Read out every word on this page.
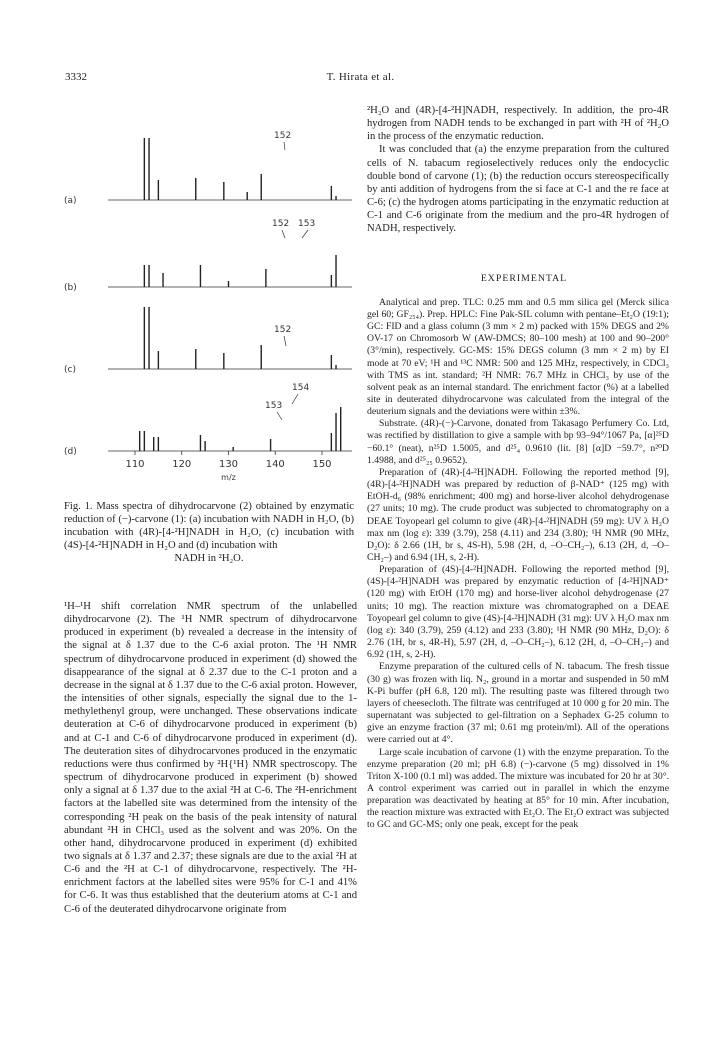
3332	T. Hirata et al.
(a)
(b)
(c)
(d)
152
152 153
152
154
153
110	120	130	140	150
m/z
Fig. 1. Mass spectra of dihydrocarvone (2) obtained by enzymatic reduction of (−)-carvone (1): (a) incubation with NADH in H₂O, (b) incubation with (4R)-[4-²H]NADH in H₂O, (c) incubation with (4S)-[4-²H]NADH in H₂O and (d) incubation with
NADH in ²H₂O.

¹H–¹H shift correlation NMR spectrum of the unlabelled dihydrocarvone (2). The ¹H NMR spectrum of dihydrocarvone produced in experiment (b) revealed a decrease in the intensity of the signal at δ 1.37 due to the C-6 axial proton. The ¹H NMR spectrum of dihydrocarvone produced in experiment (d) showed the disappearance of the signal at δ 2.37 due to the C-1 proton and a decrease in the signal at δ 1.37 due to the C-6 axial proton. However, the intensities of other signals, especially the signal due to the 1-methylethenyl group, were unchanged. These observations indicate deuteration at C-6 of dihydrocarvone produced in experiment (b) and at C-1 and C-6 of dihydrocarvone produced in experiment (d). The deuteration sites of dihydrocarvones produced in the enzymatic reductions were thus confirmed by ²H{¹H} NMR spectroscopy. The spectrum of dihydrocarvone produced in experiment (b) showed only a signal at δ 1.37 due to the axial ²H at C-6. The ²H-enrichment factors at the labelled site was determined from the intensity of the corresponding ²H peak on the basis of the peak intensity of natural abundant ²H in CHCl₃ used as the solvent and was 20%. On the other hand, dihydrocarvone produced in experiment (d) exhibited two signals at δ 1.37 and 2.37; these signals are due to the axial ²H at C-6 and the ²H at C-1 of dihydrocarvone, respectively. The ²H-enrichment factors at the labelled sites were 95% for C-1 and 41% for C-6. It was thus established that the deuterium atoms at C-1 and C-6 of the deuterated dihydrocarvone originate from

²H₂O and (4R)-[4-²H]NADH, respectively. In addition, the pro-4R hydrogen from NADH tends to be exchanged in part with ²H of ²H₂O in the process of the enzymatic reduction.

It was concluded that (a) the enzyme preparation from the cultured cells of N. tabacum regioselectively reduces only the endocyclic double bond of carvone (1); (b) the reduction occurs stereospecifically by anti addition of hydrogens from the si face at C-1 and the re face at C-6; (c) the hydrogen atoms participating in the enzymatic reduction at C-1 and C-6 originate from the medium and the pro-4R hydrogen of NADH, respectively.

EXPERIMENTAL

Analytical and prep. TLC: 0.25 mm and 0.5 mm silica gel (Merck silica gel 60; GF₂₅₄). Prep. HPLC: Fine Pak-SIL column with pentane–Et₂O (19:1); GC: FID and a glass column (3 mm × 2 m) packed with 15% DEGS and 2% OV-17 on Chromosorb W (AW-DMCS; 80–100 mesh) at 100 and 90–200° (3°/min), respectively. GC-MS: 15% DEGS column (3 mm × 2 m) by EI mode at 70 eV; ¹H and ¹³C NMR: 500 and 125 MHz, respectively, in CDCl₃ with TMS as int. standard; ²H NMR: 76.7 MHz in CHCl₃ by use of the solvent peak as an internal standard. The enrichment factor (%) at a labelled site in deuterated dihydrocarvone was calculated from the integral of the deuterium signals and the deviations were within ±3%.

Substrate. (4R)-(−)-Carvone, donated from Takasago Perfumery Co. Ltd, was rectified by distillation to give a sample with bp 93–94°/1067 Pa, [α]²⁵D −60.1° (neat), n²⁵D 1.5005, and d²⁵₄ 0.9610 (lit. [8] [α]D −59.7°, n²⁰D 1.4988, and d²⁵₂₅ 0.9652).

Preparation of (4R)-[4-²H]NADH. Following the reported method [9], (4R)-[4-²H]NADH was prepared by reduction of β-NAD⁺ (125 mg) with EtOH-d₆ (98% enrichment; 400 mg) and horse-liver alcohol dehydrogenase (27 units; 10 mg). The crude product was subjected to chromatography on a DEAE Toyopearl gel column to give (4R)-[4-²H]NADH (59 mg): UV λ H₂O max nm (log ε): 339 (3.79), 258 (4.11) and 234 (3.80); ¹H NMR (90 MHz, D₂O): δ 2.66 (1H, br s, 4S-H), 5.98 (2H, d, –O–CH₂–), 6.13 (2H, d, –O–CH₂–) and 6.94 (1H, s, 2-H).

Preparation of (4S)-[4-²H]NADH. Following the reported method [9], (4S)-[4-²H]NADH was prepared by enzymatic reduction of [4-²H]NAD⁺ (120 mg) with EtOH (170 mg) and horse-liver alcohol dehydrogenase (27 units; 10 mg). The reaction mixture was chromatographed on a DEAE Toyopearl gel column to give (4S)-[4-²H]NADH (31 mg): UV λ H₂O max nm (log ε): 340 (3.79), 259 (4.12) and 233 (3.80); ¹H NMR (90 MHz, D₂O): δ 2.76 (1H, br s, 4R-H), 5.97 (2H, d, –O–CH₂–), 6.12 (2H, d, –O–CH₂–) and 6.92 (1H, s, 2-H).

Enzyme preparation of the cultured cells of N. tabacum. The fresh tissue (30 g) was frozen with liq. N₂, ground in a mortar and suspended in 50 mM K-Pi buffer (pH 6.8, 120 ml). The resulting paste was filtered through two layers of cheesecloth. The filtrate was centrifuged at 10 000 g for 20 min. The supernatant was subjected to gel-filtration on a Sephadex G-25 column to give an enzyme fraction (37 ml; 0.61 mg protein/ml). All of the operations were carried out at 4°.

Large scale incubation of carvone (1) with the enzyme preparation. To the enzyme preparation (20 ml; pH 6.8) (−)-carvone (5 mg) dissolved in 1% Triton X-100 (0.1 ml) was added. The mixture was incubated for 20 hr at 30°. A control experiment was carried out in parallel in which the enzyme preparation was deactivated by heating at 85° for 10 min. After incubation, the reaction mixture was extracted with Et₂O. The Et₂O extract was subjected to GC and GC-MS; only one peak, except for the peak
